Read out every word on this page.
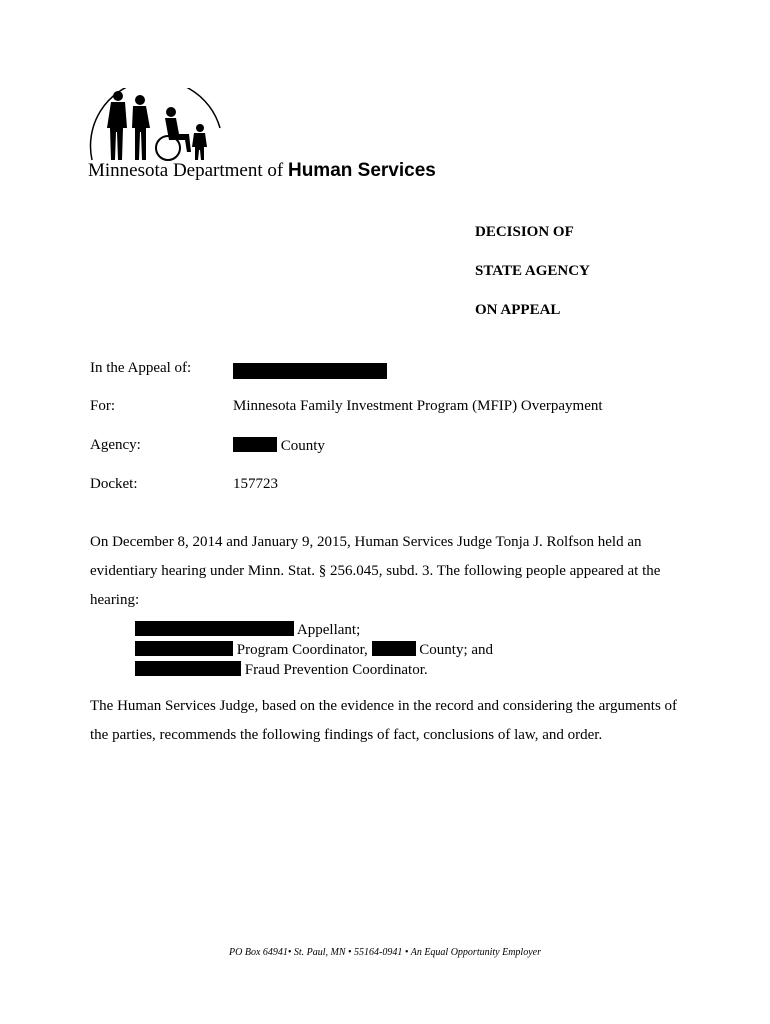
Minnesota Department of Human Services
DECISION OF
STATE AGENCY
ON APPEAL
In the Appeal of:
For:	Minnesota Family Investment Program (MFIP) Overpayment
Agency:	County
Docket:	157723
On December 8, 2014 and January 9, 2015, Human Services Judge Tonja J. Rolfson held an evidentiary hearing under Minn. Stat. § 256.045, subd. 3. The following people appeared at the hearing:
Appellant;
Program Coordinator,	County; and
Fraud Prevention Coordinator.
The Human Services Judge, based on the evidence in the record and considering the arguments of the parties, recommends the following findings of fact, conclusions of law, and order.
PO Box 64941• St. Paul, MN • 55164-0941 • An Equal Opportunity Employer
